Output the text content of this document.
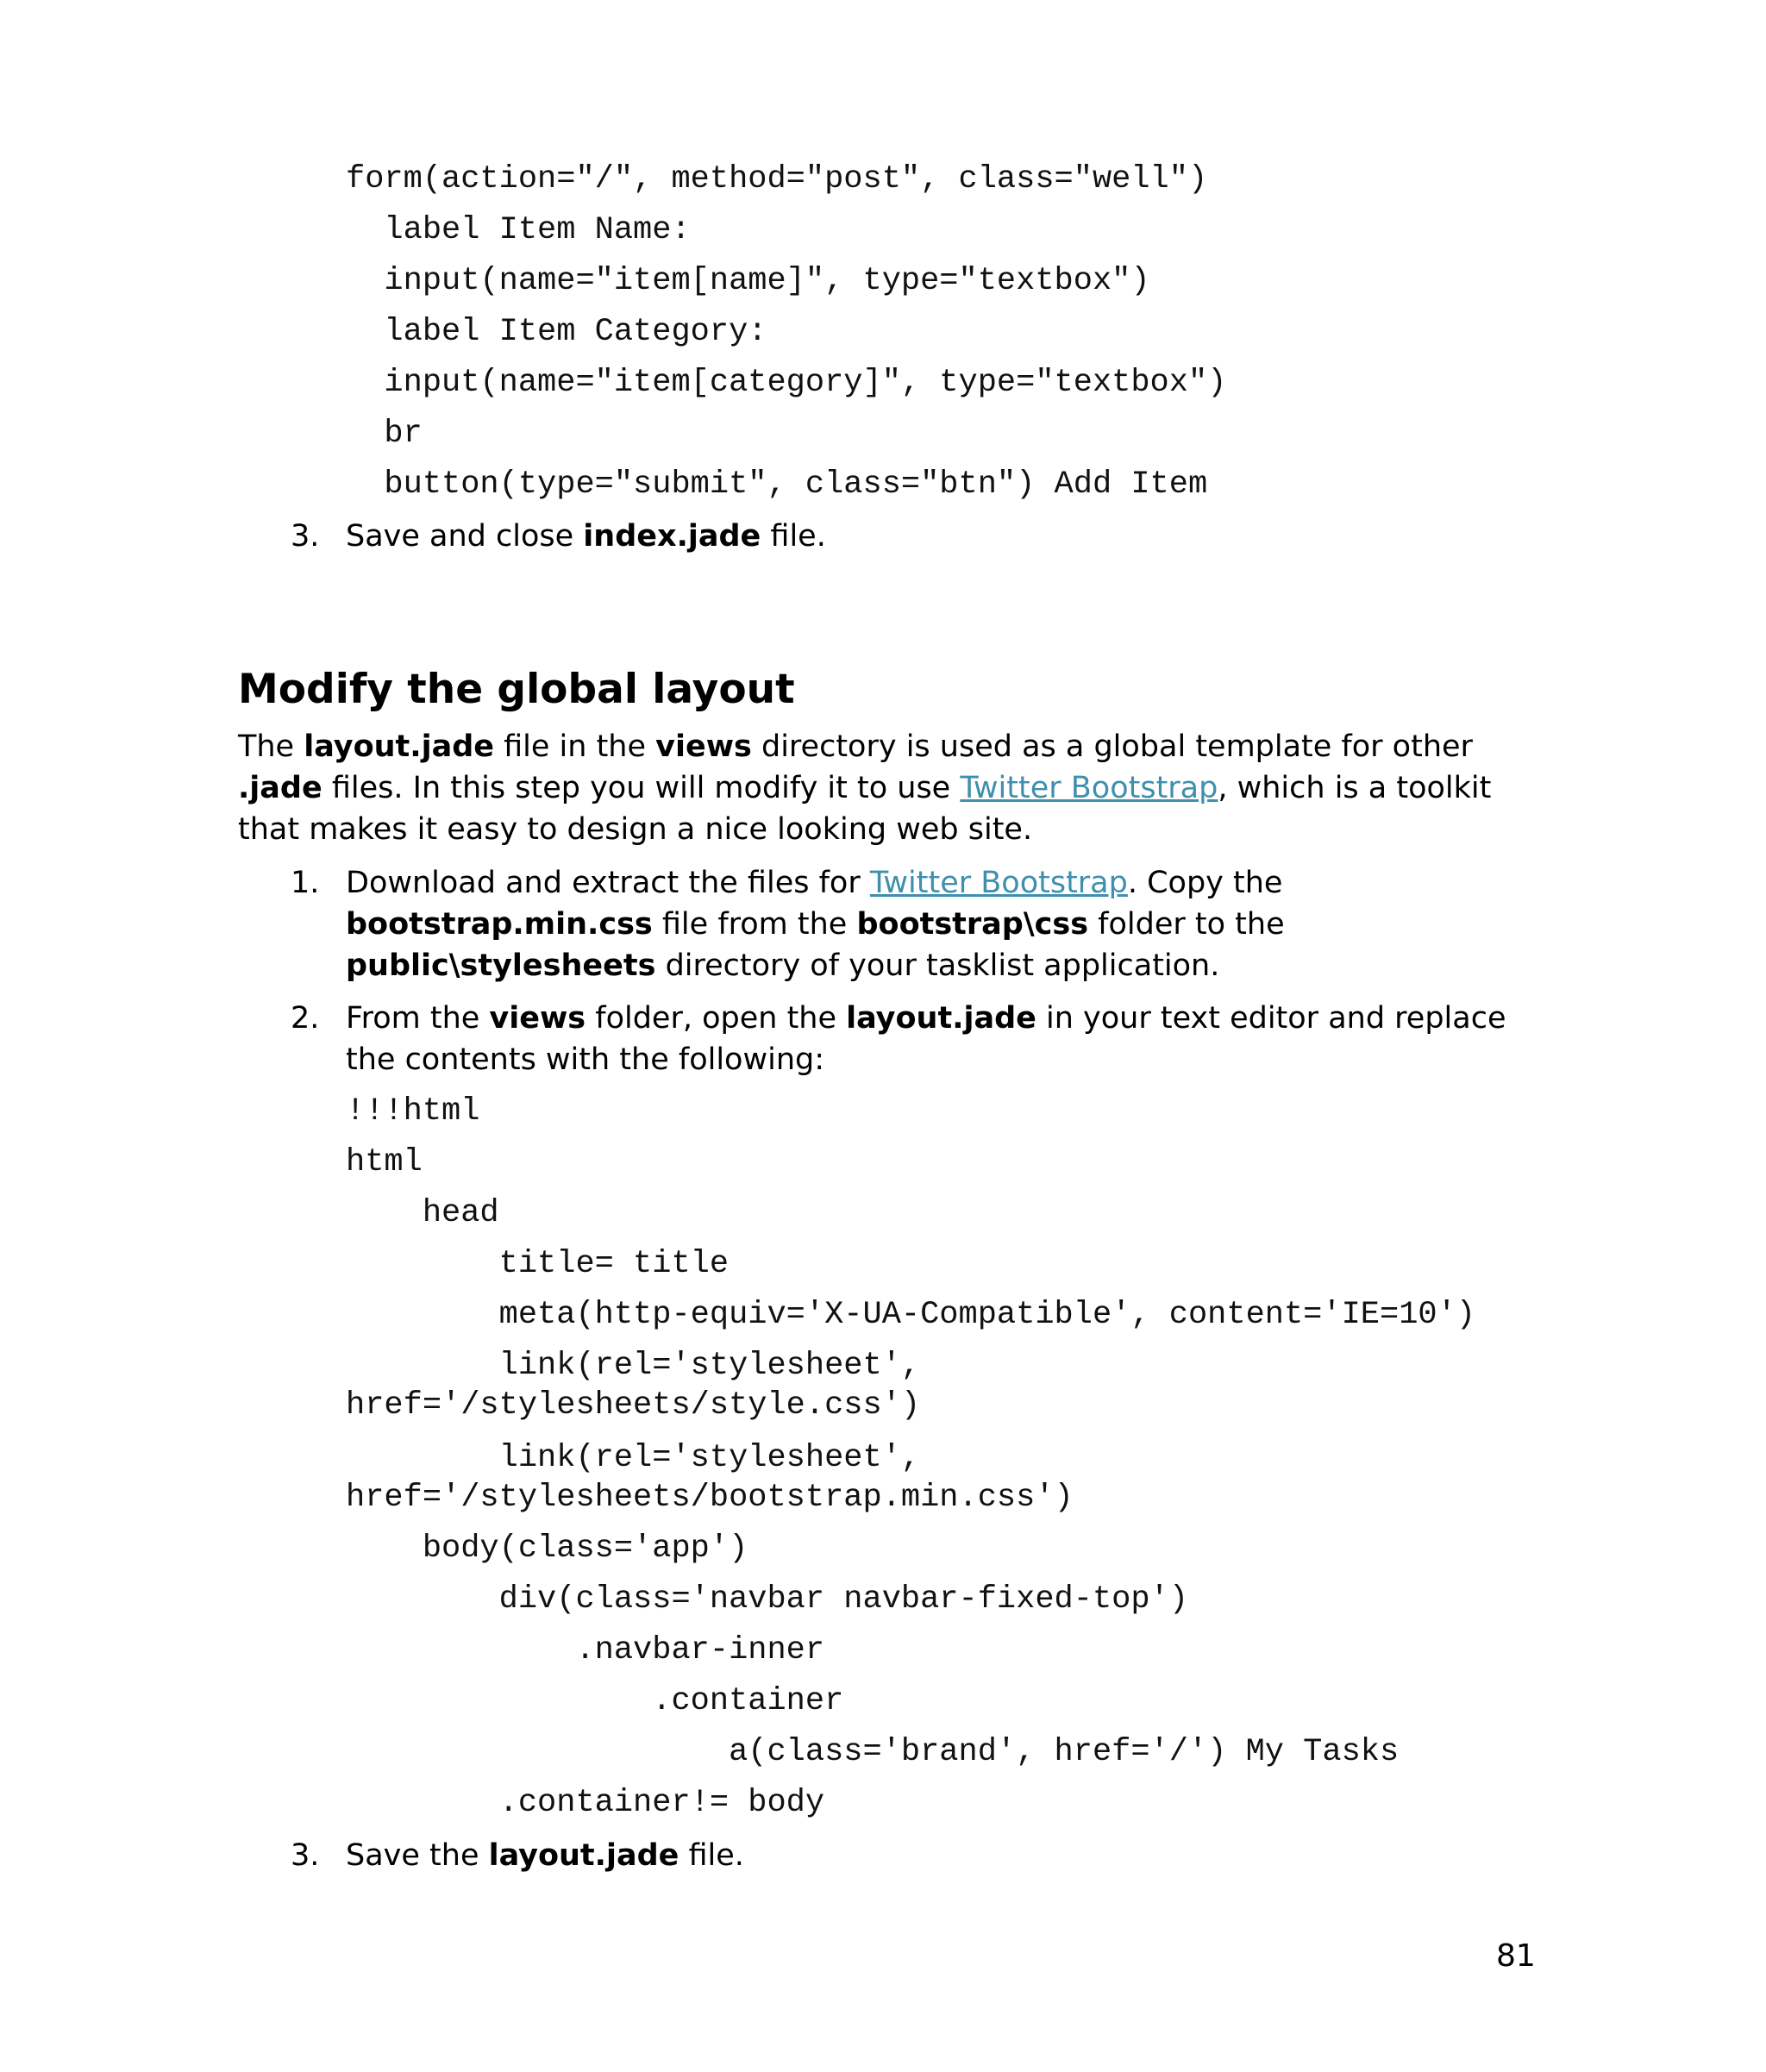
form(action="/", method="post", class="well")
label Item Name:
input(name="item[name]", type="textbox")
label Item Category:
input(name="item[category]", type="textbox")
br
button(type="submit", class="btn") Add Item
3. Save and close index.jade file.
Modify the global layout

The layout.jade file in the views directory is used as a global template for other .jade files. In this step you will modify it to use Twitter Bootstrap, which is a toolkit that makes it easy to design a nice looking web site.

1. Download and extract the files for Twitter Bootstrap. Copy the bootstrap.min.css file from the bootstrap\css folder to the public\stylesheets directory of your tasklist application.
2. From the views folder, open the layout.jade in your text editor and replace the contents with the following:
!!!html
html
head
title= title
meta(http-equiv='X-UA-Compatible', content='IE=10')
link(rel='stylesheet',
href='/stylesheets/style.css')
link(rel='stylesheet',
href='/stylesheets/bootstrap.min.css')
body(class='app')
div(class='navbar navbar-fixed-top')
.navbar-inner
.container
a(class='brand', href='/') My Tasks
.container!= body
3. Save the layout.jade file.
81
